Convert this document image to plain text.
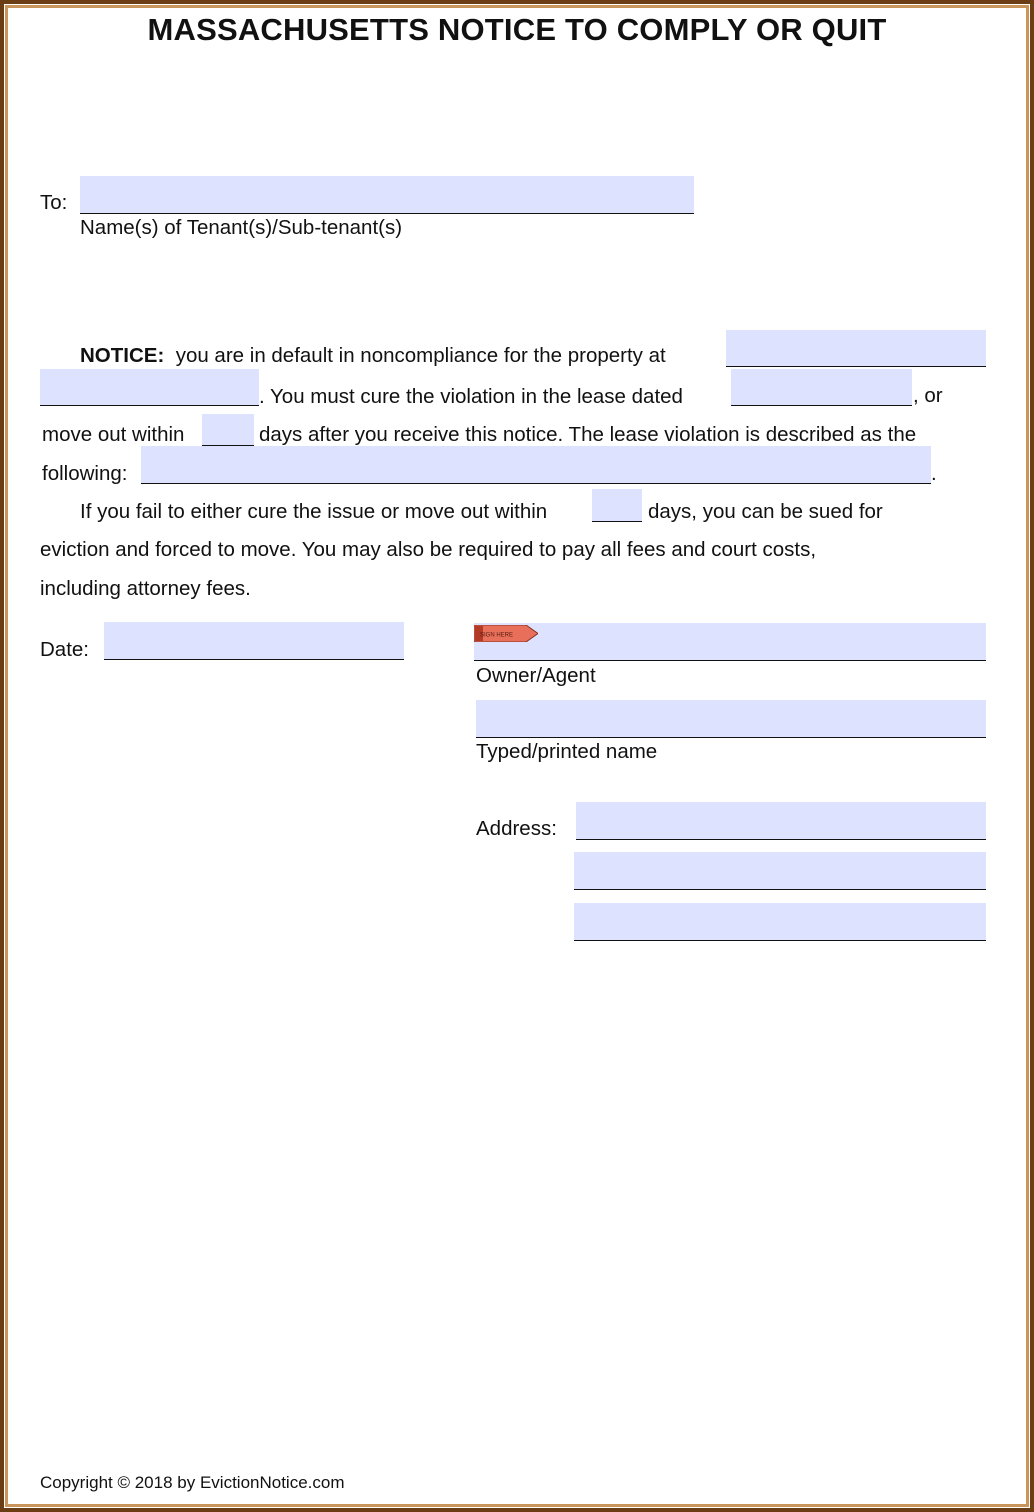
MASSACHUSETTS NOTICE TO COMPLY OR QUIT
To:
Name(s) of Tenant(s)/Sub-tenant(s)
NOTICE: you are in default in noncompliance for the property at
. You must cure the violation in the lease dated	, or
move out within	days after you receive this notice. The lease violation is described as the
following:	.
If you fail to either cure the issue or move out within	days, you can be sued for
eviction and forced to move. You may also be required to pay all fees and court costs,
including attorney fees.
Date:
SIGN HERE
Owner/Agent
Typed/printed name
Address:
Copyright © 2018 by EvictionNotice.com
